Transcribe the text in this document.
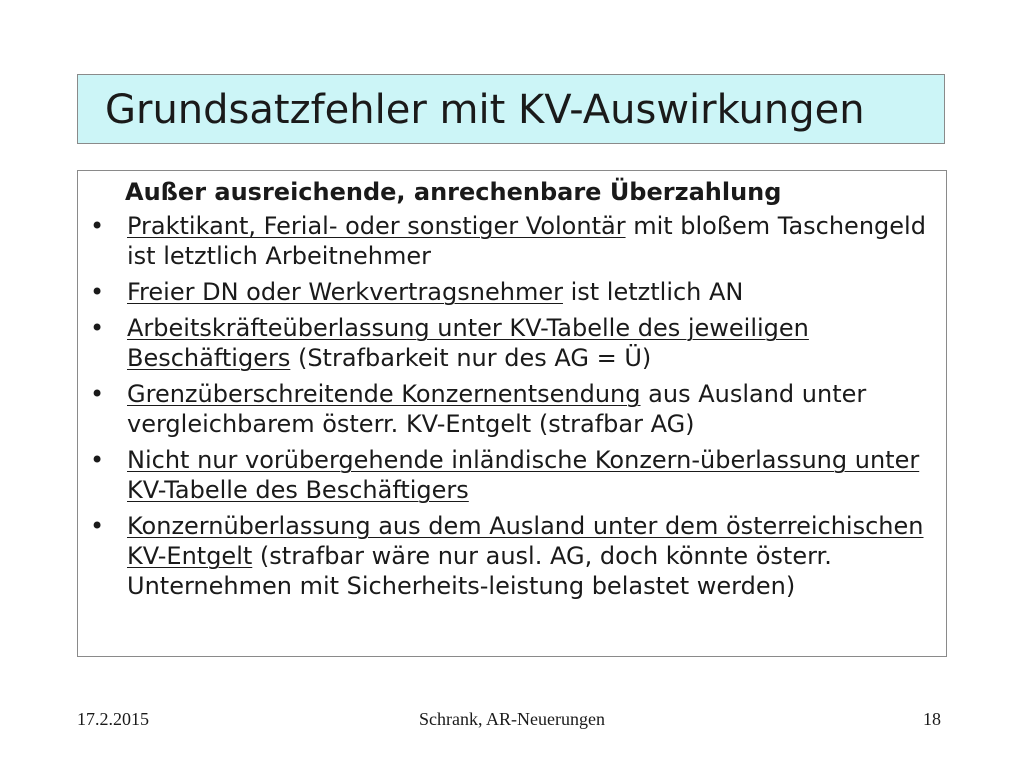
Grundsatzfehler mit KV-Auswirkungen
Außer ausreichende, anrechenbare Überzahlung
• Praktikant, Ferial- oder sonstiger Volontär mit bloßem Taschengeld ist letztlich Arbeitnehmer
• Freier DN oder Werkvertragsnehmer ist letztlich AN
• Arbeitskräfteüberlassung unter KV-Tabelle des jeweiligen Beschäftigers (Strafbarkeit nur des AG = Ü)
• Grenzüberschreitende Konzernentsendung aus Ausland unter vergleichbarem österr. KV-Entgelt (strafbar AG)
• Nicht nur vorübergehende inländische Konzern-überlassung unter KV-Tabelle des Beschäftigers
• Konzernüberlassung aus dem Ausland unter dem österreichischen KV-Entgelt (strafbar wäre nur ausl. AG, doch könnte österr. Unternehmen mit Sicherheits-leistung belastet werden)
17.2.2015	Schrank, AR-Neuerungen	18
